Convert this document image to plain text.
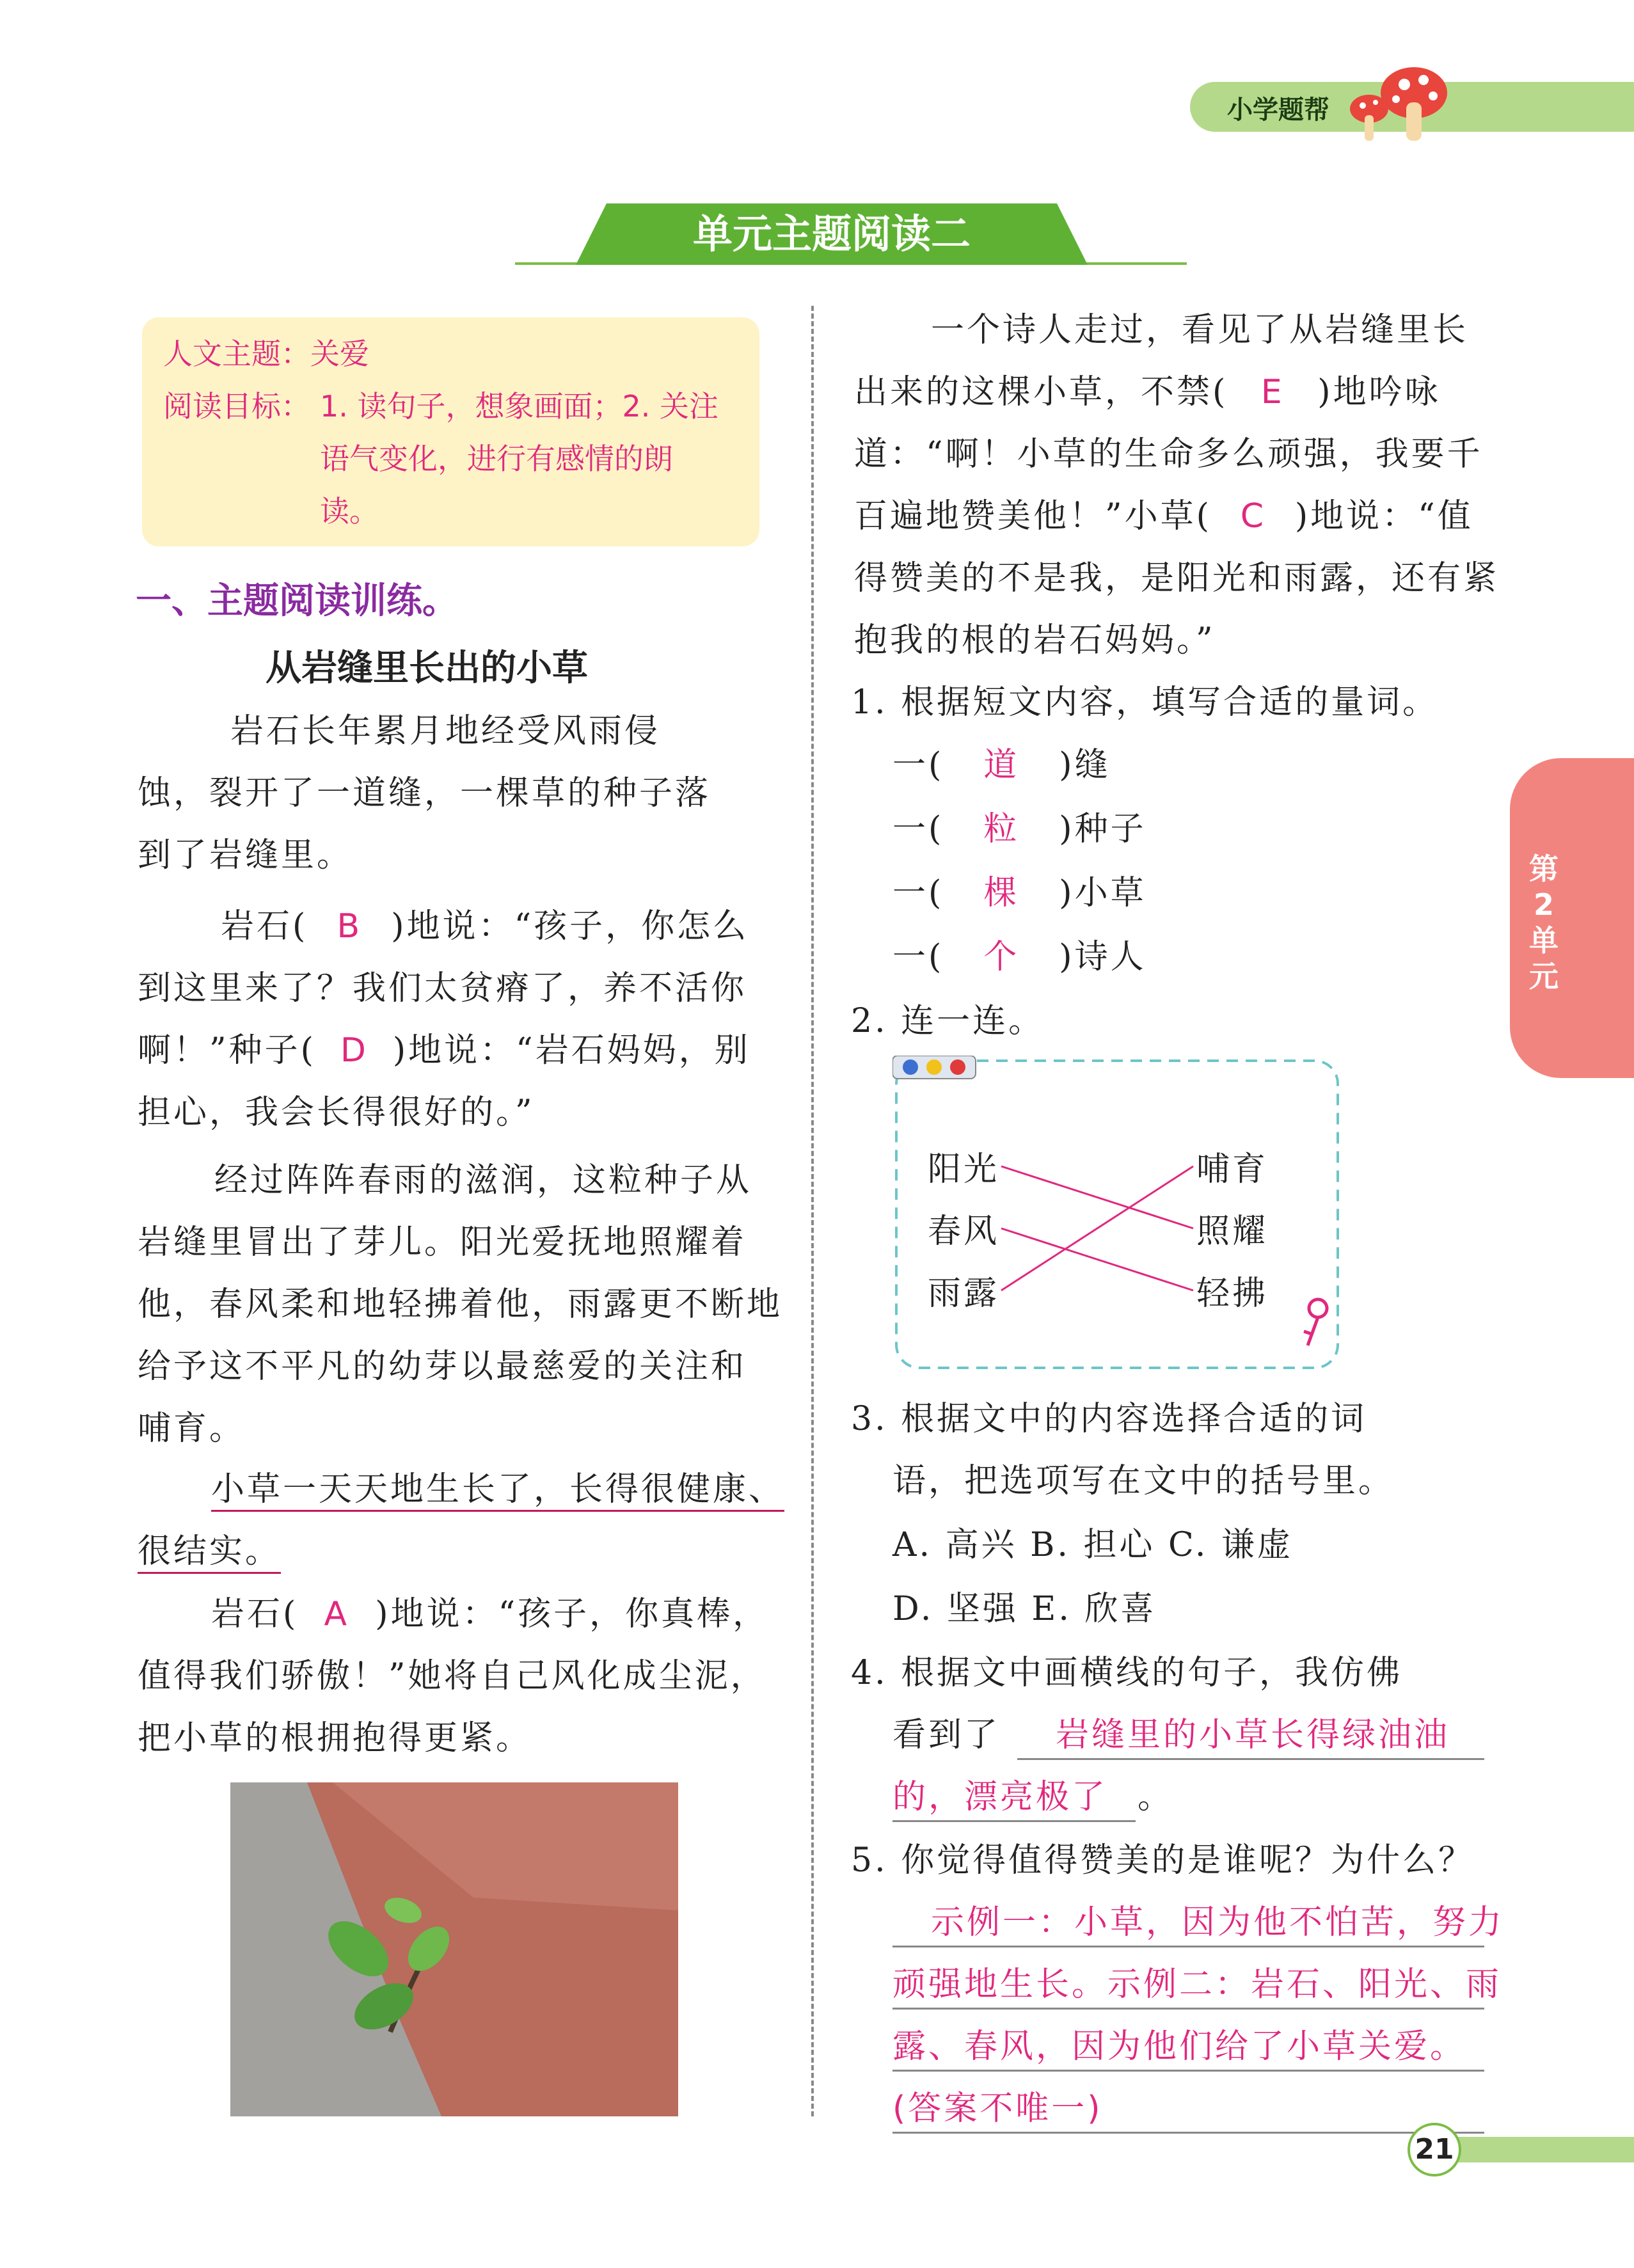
小学题帮
单元主题阅读二
人文主题：关爱
阅读目标： 1. 读句子，想象画面；2. 关注
语气变化，进行有感情的朗
读。
一、主题阅读训练。
从岩缝里长出的小草
岩石长年累月地经受风雨侵
蚀，裂开了一道缝，一棵草的种子落
到了岩缝里。
岩石( B )地说：“孩子，你怎么
到这里来了？我们太贫瘠了，养不活你
啊！”种子( D )地说：“岩石妈妈，别
担心，我会长得很好的。”
经过阵阵春雨的滋润，这粒种子从
岩缝里冒出了芽儿。阳光爱抚地照耀着
他，春风柔和地轻拂着他，雨露更不断地
给予这不平凡的幼芽以最慈爱的关注和
哺育。
小草一天天地生长了，长得很健康、
很结实。
岩石( A )地说：“孩子，你真棒，
值得我们骄傲！”她将自己风化成尘泥，
把小草的根拥抱得更紧。
一个诗人走过，看见了从岩缝里长
出来的这棵小草，不禁( E )地吟咏
道：“啊！小草的生命多么顽强，我要千
百遍地赞美他！”小草( C )地说：“值
得赞美的不是我，是阳光和雨露，还有紧
抱我的根的岩石妈妈。”
1. 根据短文内容，填写合适的量词。
一( 道 )缝
一( 粒 )种子
一( 棵 )小草
一( 个 )诗人
2. 连一连。
阳光
春风
雨露
哺育
照耀
轻拂
3. 根据文中的内容选择合适的词
语，把选项写在文中的括号里。
A. 高兴 B. 担心 C. 谦虚
D. 坚强 E. 欣喜
4. 根据文中画横线的句子，我仿佛
看到了 岩缝里的小草长得绿油油
的，漂亮极了 。
5. 你觉得值得赞美的是谁呢？为什么？
示例一：小草，因为他不怕苦，努力
顽强地生长。示例二：岩石、阳光、雨
露、春风，因为他们给了小草关爱。
(答案不唯一)
第2单元
21
